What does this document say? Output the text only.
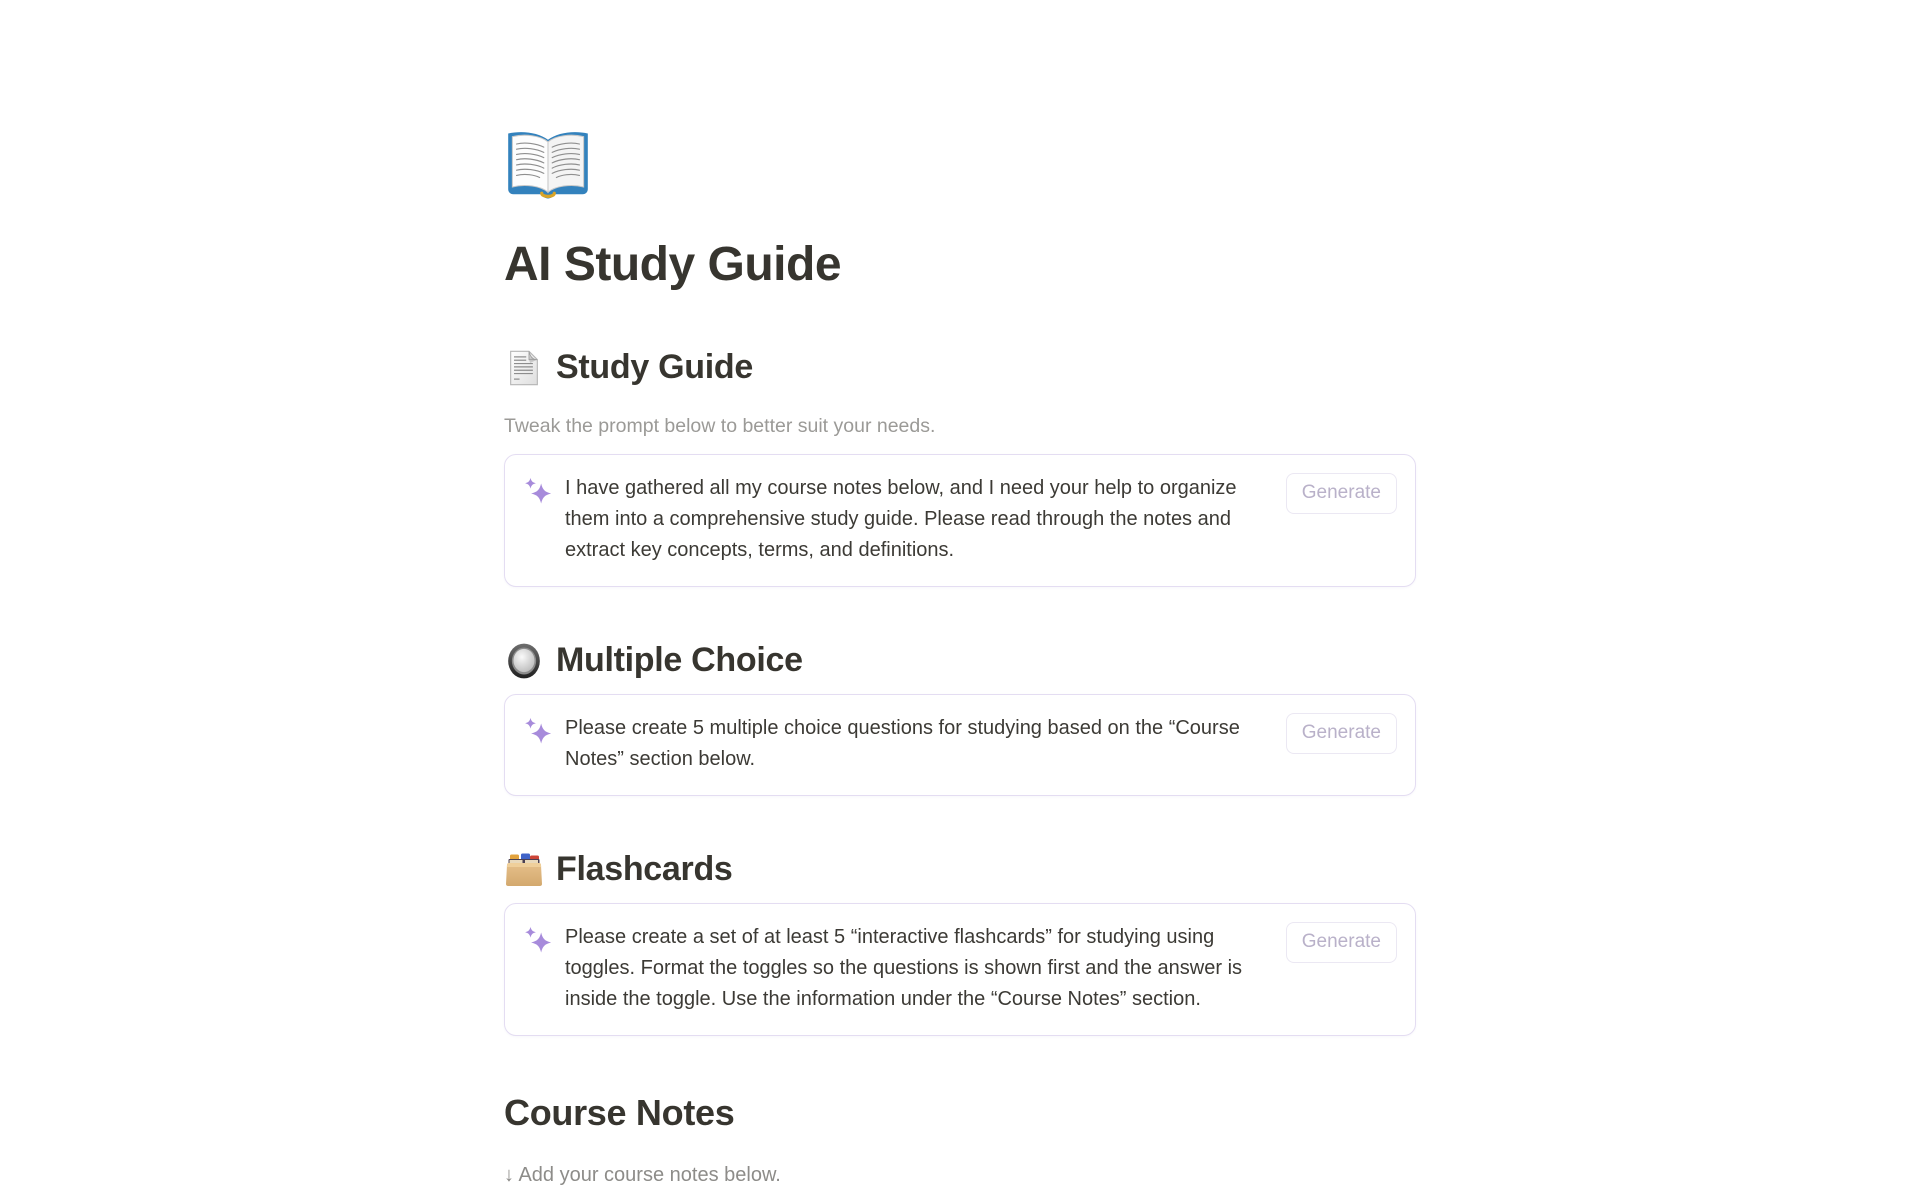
AI Study Guide
Study Guide

Tweak the prompt below to better suit your needs.

I have gathered all my course notes below, and I need your help to organize them into a comprehensive study guide. Please read through the notes and extract key concepts, terms, and definitions.

Generate
Multiple Choice

Please create 5 multiple choice questions for studying based on the “Course Notes” section below.

Generate
Flashcards

Please create a set of at least 5 “interactive flashcards” for studying using toggles. Format the toggles so the questions is shown first and the answer is inside the toggle. Use the information under the “Course Notes” section.

Generate
Course Notes

↓ Add your course notes below.
